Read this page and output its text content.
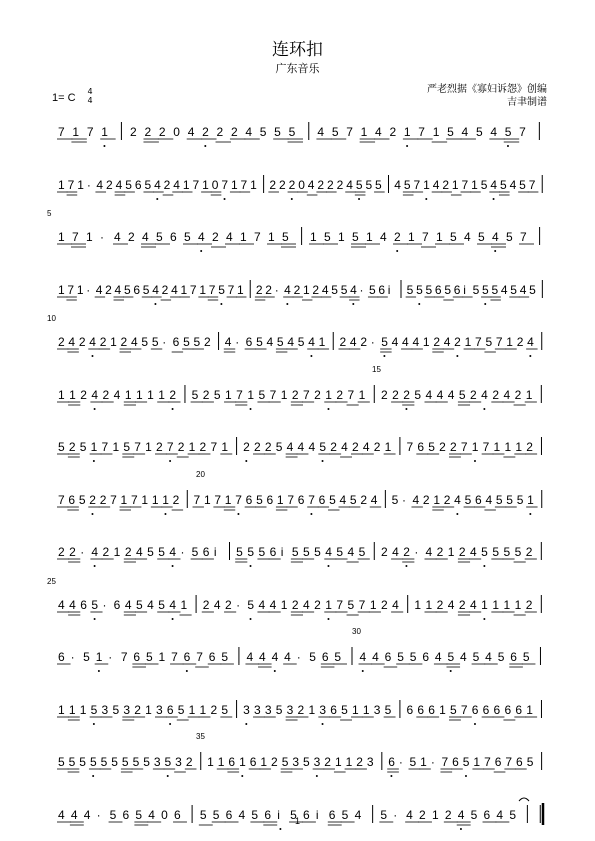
连环扣
广东音乐
1= C
4
4
严老烈据《寡妇诉怨》创编
吉聿制谱
7 1 7 1 2 2 2 0 4 2 2 2 4 5 5 5 4 5 7 1 4 2 1 7 1 5 4 5 4 5 7
1 7 1 · 4 2 4 5 6 5 4 2 4 1 7 1 0 7 1 7 1 2 2 2 0 4 2 2 2 4 5 5 5 4 5 7 1 4 2 1 7 1 5 4 5 4 5 7
5
1 7 1 · 4 2 4 5 6 5 4 2 4 1 7 1 5 1 5 1 5 1 4 2 1 7 1 5 4 5 4 5 7
1 7 1 · 4 2 4 5 6 5 4 2 4 1 7 1 7 5 7 1 2 2 · 4 2 1 2 4 5 5 4 · 5 6 i 5 5 5 6 5 6 i 5 5 5 4 5 4 5
10
2 4 2 4 2 1 2 4 5 5 · 6 5 5 2 4 · 6 5 4 5 4 5 4 1 2 4 2 · 5 4 4 4 1 2 4 2 1 7 5 7 1 2 4
15
1 1 2 4 2 4 1 1 1 1 2 5 2 5 1 7 1 5 7 1 2 7 2 1 2 7 1 2 2 2 5 4 4 4 5 2 4 2 4 2 1
5 2 5 1 7 1 5 7 1 2 7 2 1 2 7 1 2 2 2 5 4 4 4 5 2 4 2 4 2 1 7 6 5 2 2 7 1 7 1 1 1 2
20
7 6 5 2 2 7 1 7 1 1 1 2 7 1 7 1 7 6 5 6 1 7 6 7 6 5 4 5 2 4 5 · 4 2 1 2 4 5 6 4 5 5 5 1
2 2 · 4 2 1 2 4 5 5 4 · 5 6 i 5 5 5 6 i 5 5 5 4 5 4 5 2 4 2 · 4 2 1 2 4 5 5 5 5 2
25
4 4 6 5 · 6 4 5 4 5 4 1 2 4 2 · 5 4 4 1 2 4 2 1 7 5 7 1 2 4 1 1 2 4 2 4 1 1 1 1 2
30
6 · 5 1 · 7 6 5 1 7 6 7 6 5 4 4 4 4 · 5 6 5 4 4 6 5 5 6 4 5 4 5 4 5 6 5
1 1 1 5 3 5 3 2 1 3 6 5 1 1 2 5 3 3 3 5 3 2 1 3 6 5 1 1 3 5 6 6 6 1 5 7 6 6 6 6 6 1
35
5 5 5 5 5 5 5 5 5 3 5 3 2 1 1 6 1 6 1 2 5 3 5 3 2 1 1 2 3 6 · 5 1 · 7 6 5 1 7 6 7 6 5
4 4 4 · 5 6 5 4 0 6 5 5 6 4 5 6 i 5 6 i 6 5 4 5 · 4 2 1 2 4 5 6 4 5
1
